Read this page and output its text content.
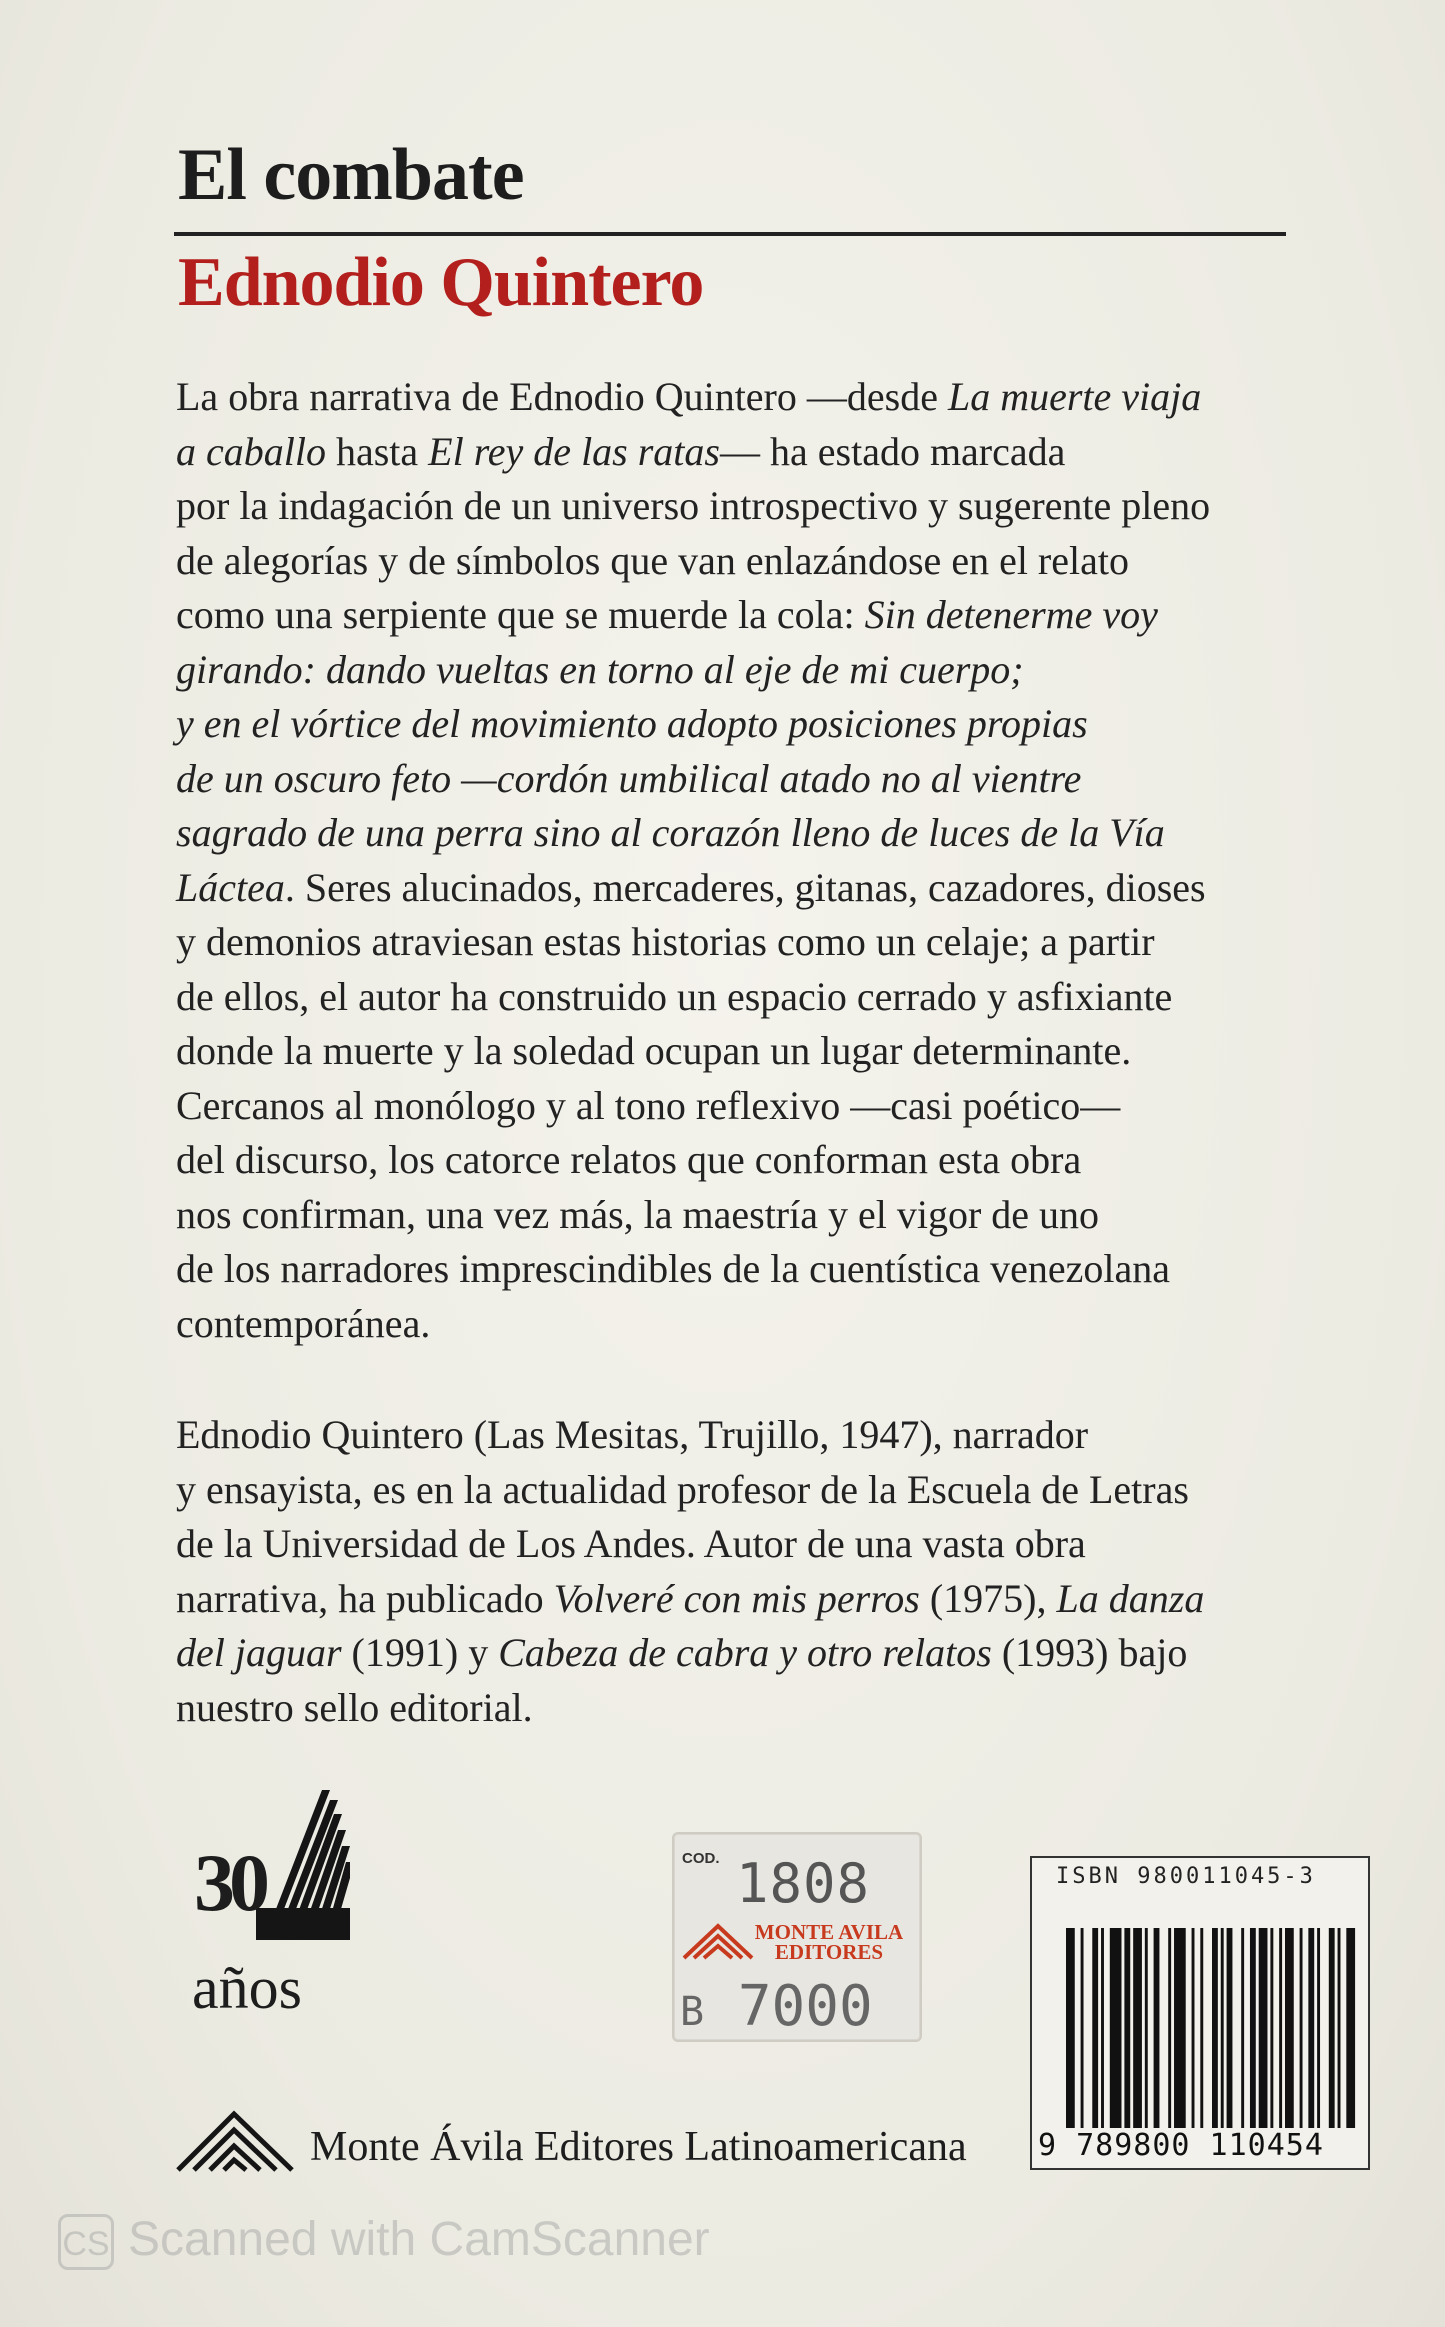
El combate
Ednodio Quintero
La obra narrativa de Ednodio Quintero —desde La muerte viaja
a caballo hasta El rey de las ratas— ha estado marcada
por la indagación de un universo introspectivo y sugerente pleno
de alegorías y de símbolos que van enlazándose en el relato
como una serpiente que se muerde la cola: Sin detenerme voy
girando: dando vueltas en torno al eje de mi cuerpo;
y en el vórtice del movimiento adopto posiciones propias
de un oscuro feto —cordón umbilical atado no al vientre
sagrado de una perra sino al corazón lleno de luces de la Vía
Láctea. Seres alucinados, mercaderes, gitanas, cazadores, dioses
y demonios atraviesan estas historias como un celaje; a partir
de ellos, el autor ha construido un espacio cerrado y asfixiante
donde la muerte y la soledad ocupan un lugar determinante.
Cercanos al monólogo y al tono reflexivo —casi poético—
del discurso, los catorce relatos que conforman esta obra
nos confirman, una vez más, la maestría y el vigor de uno
de los narradores imprescindibles de la cuentística venezolana
contemporánea.
Ednodio Quintero (Las Mesitas, Trujillo, 1947), narrador
y ensayista, es en la actualidad profesor de la Escuela de Letras
de la Universidad de Los Andes. Autor de una vasta obra
narrativa, ha publicado Volveré con mis perros (1975), La danza
del jaguar (1991) y Cabeza de cabra y otro relatos (1993) bajo
nuestro sello editorial.
30
años
COD. 1808
MONTE AVILA
EDITORES
B 7000
ISBN 980011045-3
9 789800 110454
Monte Ávila Editores Latinoamericana
CS Scanned with CamScanner
